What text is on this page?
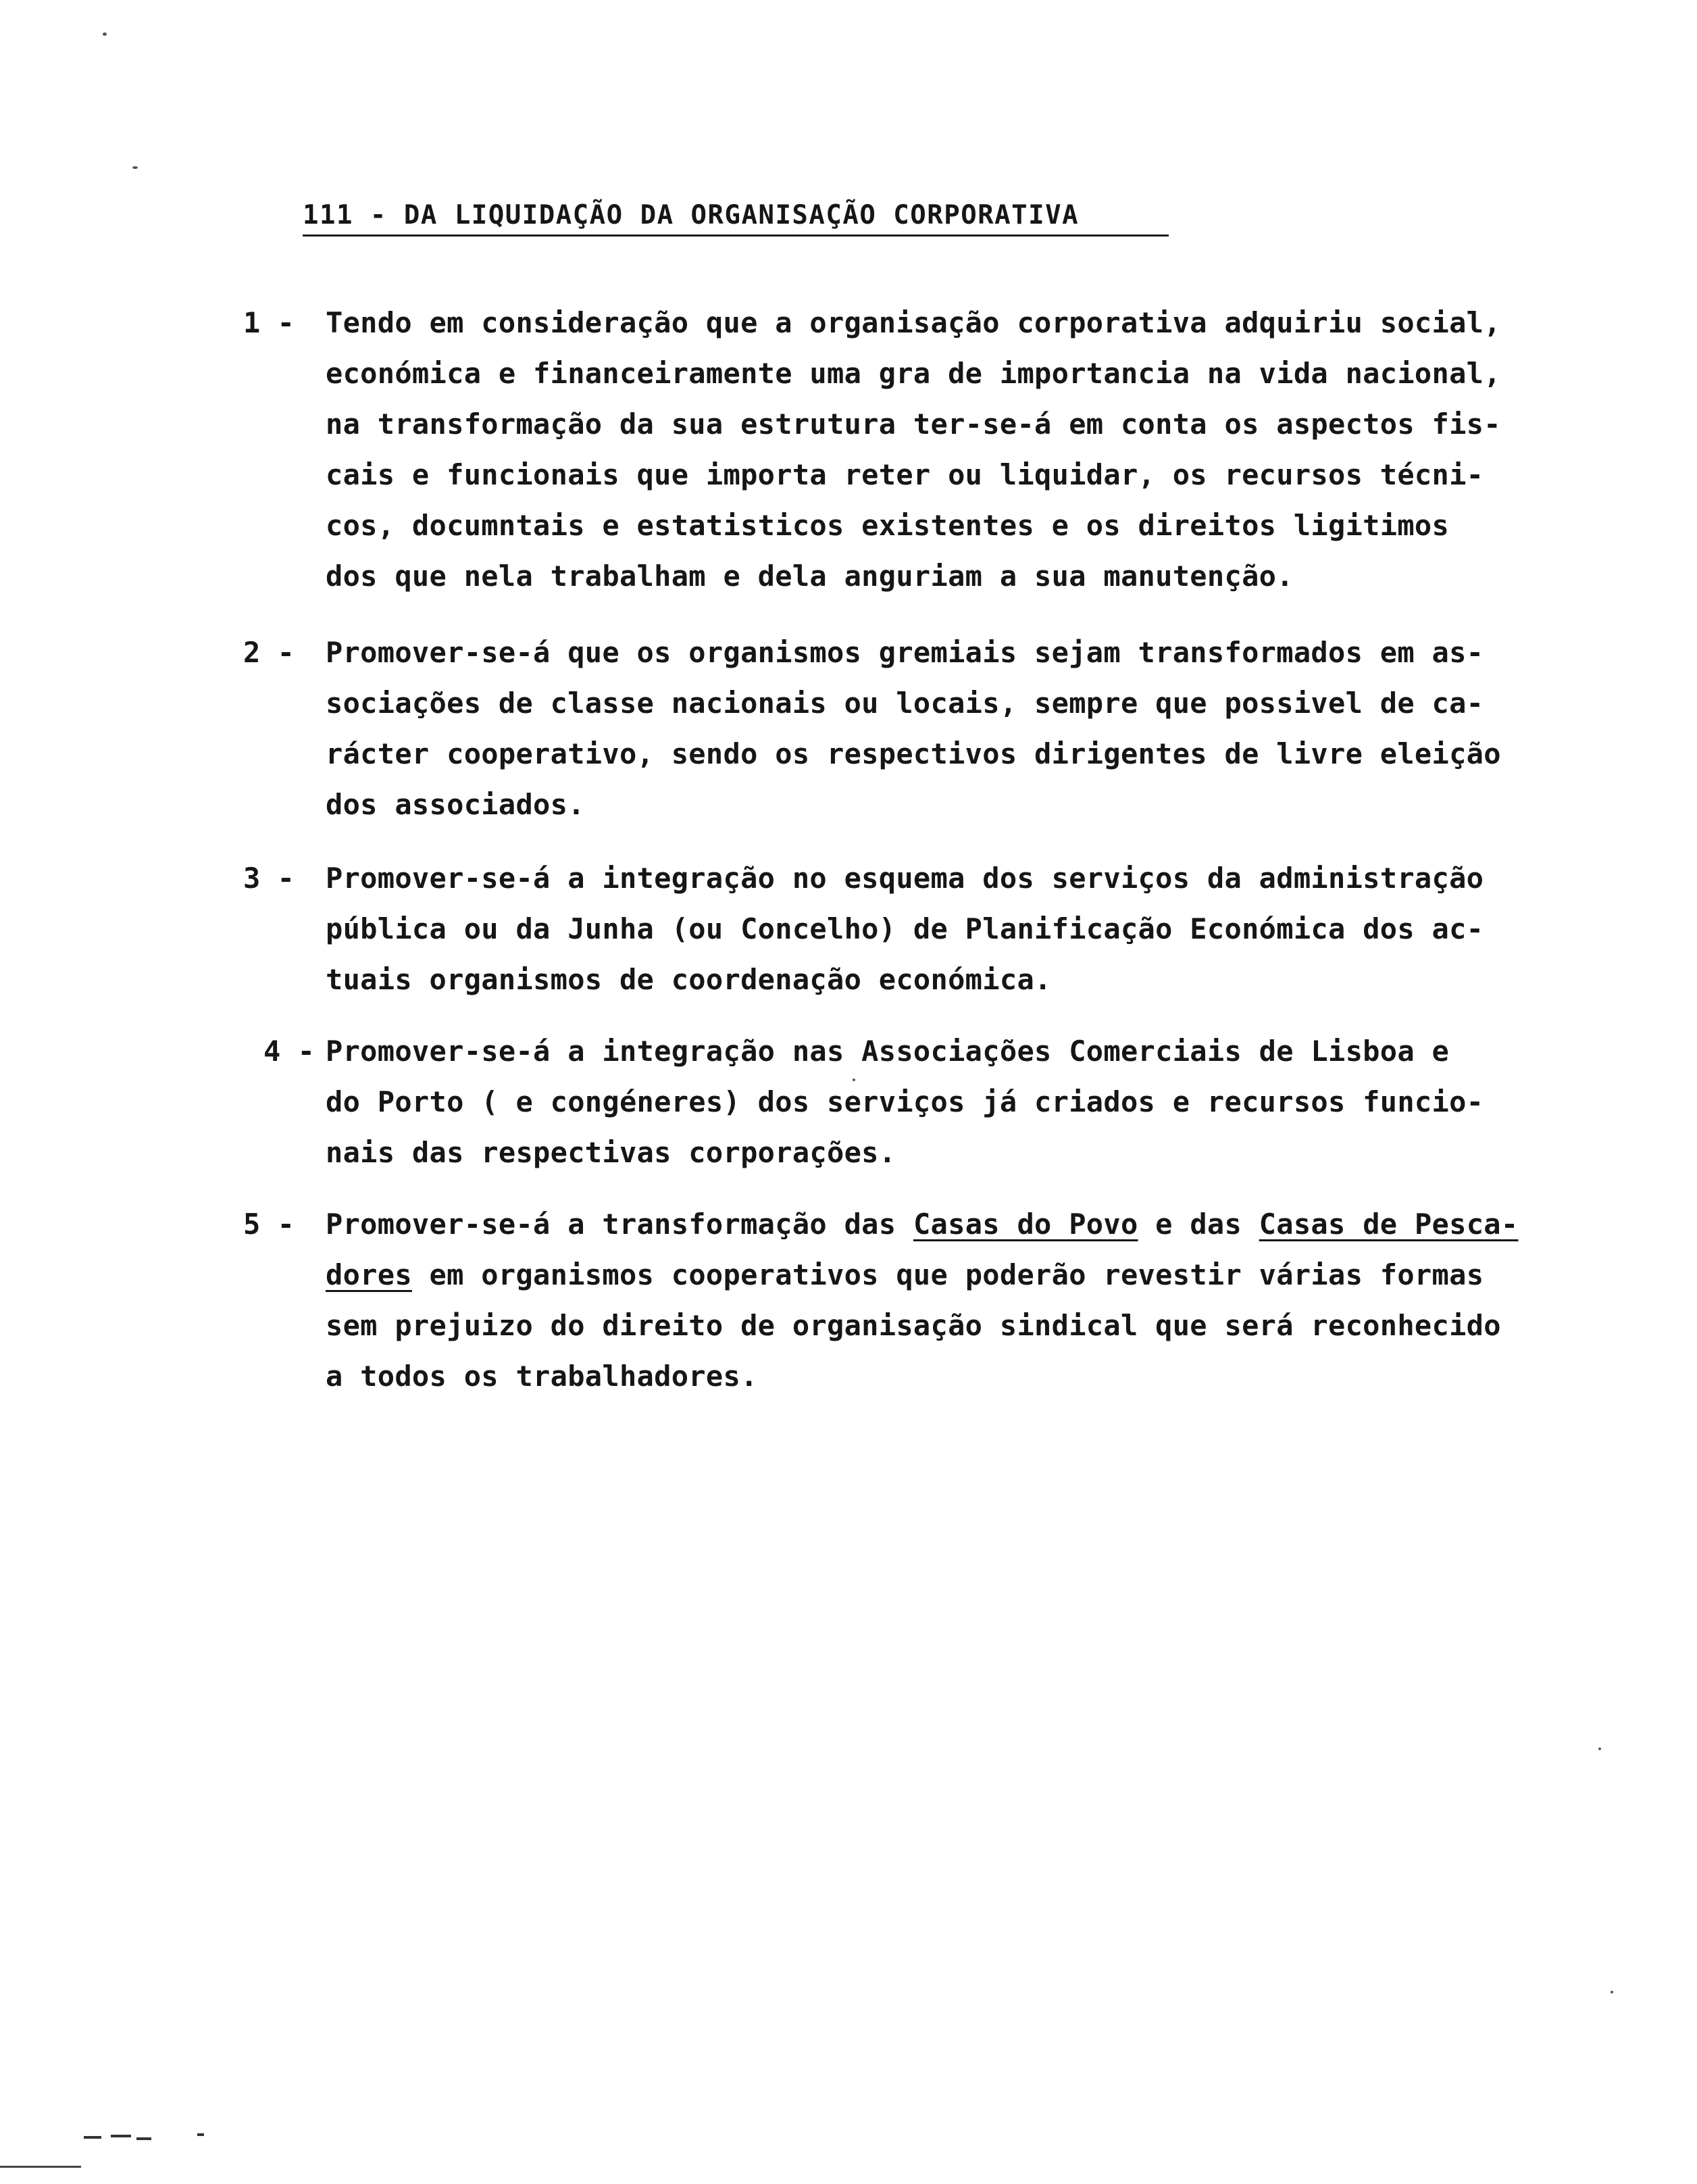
111 - DA LIQUIDAÇÃO DA ORGANISAÇÃO CORPORATIVA
1 -	Tendo em consideração que a organisação corporativa adquiriu social,
económica e financeiramente uma gra de importancia na vida nacional,
na transformação da sua estrutura ter-se-á em conta os aspectos fis-
cais e funcionais que importa reter ou liquidar, os recursos técni-
cos, documntais e estatisticos existentes e os direitos ligitimos
dos que nela trabalham e dela anguriam a sua manutenção.
2 -	Promover-se-á que os organismos gremiais sejam transformados em as-
sociações de classe nacionais ou locais, sempre que possivel de ca-
rácter cooperativo, sendo os respectivos dirigentes de livre eleição
dos associados.
3 -	Promover-se-á a integração no esquema dos serviços da administração
pública ou da Junha (ou Concelho) de Planificação Económica dos ac-
tuais organismos de coordenação económica.
4 - Promover-se-á a integração nas Associações Comerciais de Lisboa e
do Porto ( e congéneres) dos serviços já criados e recursos funcio-
nais das respectivas corporações.
5 -	Promover-se-á a transformação das Casas do Povo e das Casas de Pesca-
dores em organismos cooperativos que poderão revestir várias formas
sem prejuizo do direito de organisação sindical que será reconhecido
a todos os trabalhadores.
